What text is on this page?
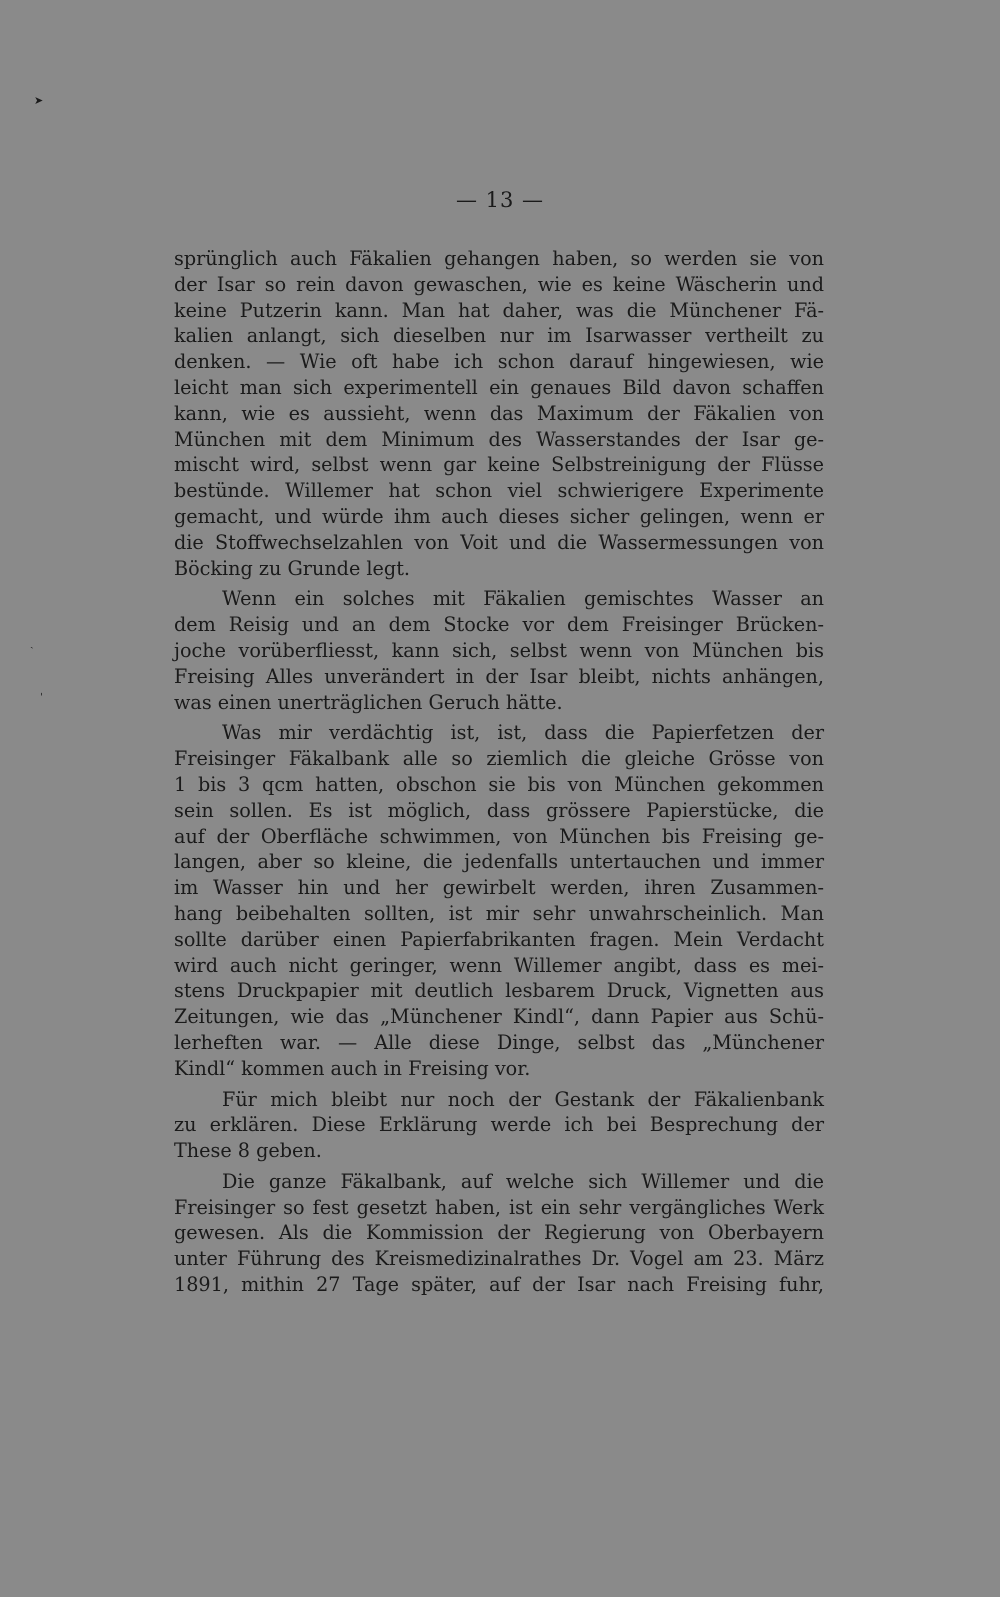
➤
ˏ
ˌ
— 13 —
sprünglich auch Fäkalien gehangen haben, so werden sie von
der Isar so rein davon gewaschen, wie es keine Wäscherin und
keine Putzerin kann. Man hat daher, was die Münchener Fä-
kalien anlangt, sich dieselben nur im Isarwasser vertheilt zu
denken. — Wie oft habe ich schon darauf hingewiesen, wie
leicht man sich experimentell ein genaues Bild davon schaffen
kann, wie es aussieht, wenn das Maximum der Fäkalien von
München mit dem Minimum des Wasserstandes der Isar ge-
mischt wird, selbst wenn gar keine Selbstreinigung der Flüsse
bestünde. Willemer hat schon viel schwierigere Experimente
gemacht, und würde ihm auch dieses sicher gelingen, wenn er
die Stoffwechselzahlen von Voit und die Wassermessungen von
Böcking zu Grunde legt.
Wenn ein solches mit Fäkalien gemischtes Wasser an
dem Reisig und an dem Stocke vor dem Freisinger Brücken-
joche vorüberfliesst, kann sich, selbst wenn von München bis
Freising Alles unverändert in der Isar bleibt, nichts anhängen,
was einen unerträglichen Geruch hätte.
Was mir verdächtig ist, ist, dass die Papierfetzen der
Freisinger Fäkalbank alle so ziemlich die gleiche Grösse von
1 bis 3 qcm hatten, obschon sie bis von München gekommen
sein sollen. Es ist möglich, dass grössere Papierstücke, die
auf der Oberfläche schwimmen, von München bis Freising ge-
langen, aber so kleine, die jedenfalls untertauchen und immer
im Wasser hin und her gewirbelt werden, ihren Zusammen-
hang beibehalten sollten, ist mir sehr unwahrscheinlich. Man
sollte darüber einen Papierfabrikanten fragen. Mein Verdacht
wird auch nicht geringer, wenn Willemer angibt, dass es mei-
stens Druckpapier mit deutlich lesbarem Druck, Vignetten aus
Zeitungen, wie das „Münchener Kindl“, dann Papier aus Schü-
lerheften war. — Alle diese Dinge, selbst das „Münchener
Kindl“ kommen auch in Freising vor.
Für mich bleibt nur noch der Gestank der Fäkalienbank
zu erklären. Diese Erklärung werde ich bei Besprechung der
These 8 geben.
Die ganze Fäkalbank, auf welche sich Willemer und die
Freisinger so fest gesetzt haben, ist ein sehr vergängliches Werk
gewesen. Als die Kommission der Regierung von Oberbayern
unter Führung des Kreismedizinalrathes Dr. Vogel am 23. März
1891, mithin 27 Tage später, auf der Isar nach Freising fuhr,
